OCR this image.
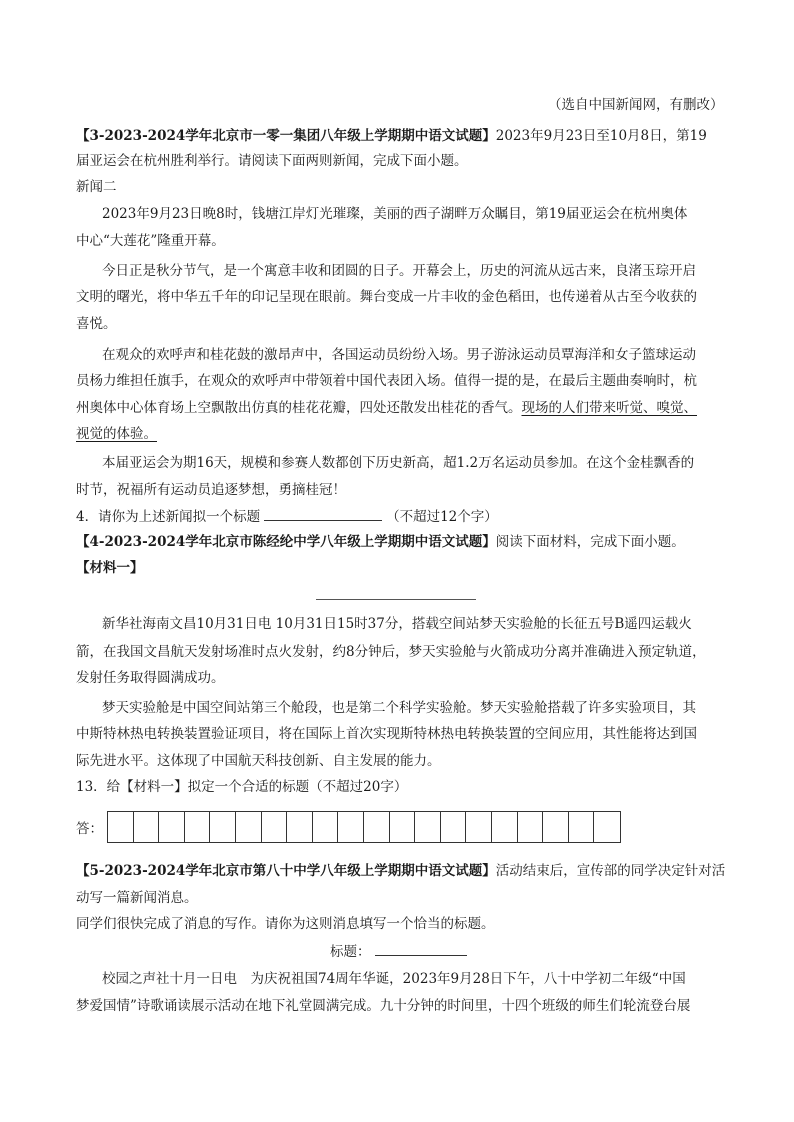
（选自中国新闻网，有删改）
【3-2023-2024学年北京市一零一集团八年级上学期期中语文试题】2023年9月23日至10月8日，第19
届亚运会在杭州胜利举行。请阅读下面两则新闻，完成下面小题。
新闻二
2023年9月23日晚8时，钱塘江岸灯光璀璨，美丽的西子湖畔万众瞩目，第19届亚运会在杭州奥体
中心“大莲花”隆重开幕。
今日正是秋分节气，是一个寓意丰收和团圆的日子。开幕会上，历史的河流从远古来，良渚玉琮开启
文明的曙光，将中华五千年的印记呈现在眼前。舞台变成一片丰收的金色稻田，也传递着从古至今收获的
喜悦。
在观众的欢呼声和桂花鼓的激昂声中，各国运动员纷纷入场。男子游泳运动员覃海洋和女子篮球运动
员杨力维担任旗手，在观众的欢呼声中带领着中国代表团入场。值得一提的是，在最后主题曲奏响时，杭
州奥体中心体育场上空飘散出仿真的桂花花瓣，四处还散发出桂花的香气。现场的人们带来听觉、嗅觉、
视觉的体验。
本届亚运会为期16天，规模和参赛人数都创下历史新高，超1.2万名运动员参加。在这个金桂飘香的
时节，祝福所有运动员追逐梦想，勇摘桂冠！
4．请你为上述新闻拟一个标题	（不超过12个字）
【4-2023-2024学年北京市陈经纶中学八年级上学期期中语文试题】阅读下面材料，完成下面小题。
【材料一】
新华社海南文昌10月31日电 10月31日15时37分，搭载空间站梦天实验舱的长征五号B遥四运载火
箭，在我国文昌航天发射场准时点火发射，约8分钟后，梦天实验舱与火箭成功分离并准确进入预定轨道，
发射任务取得圆满成功。
梦天实验舱是中国空间站第三个舱段，也是第二个科学实验舱。梦天实验舱搭载了许多实验项目，其
中斯特林热电转换装置验证项目，将在国际上首次实现斯特林热电转换装置的空间应用，其性能将达到国
际先进水平。这体现了中国航天科技创新、自主发展的能力。
13．给【材料一】拟定一个合适的标题（不超过20字）
答：
【5-2023-2024学年北京市第八十中学八年级上学期期中语文试题】活动结束后，宣传部的同学决定针对活
动写一篇新闻消息。
同学们很快完成了消息的写作。请你为这则消息填写一个恰当的标题。
标题：
校园之声社十月一日电　为庆祝祖国74周年华诞，2023年9月28日下午，八十中学初二年级“中国
梦爱国情”诗歌诵读展示活动在地下礼堂圆满完成。九十分钟的时间里，十四个班级的师生们轮流登台展
